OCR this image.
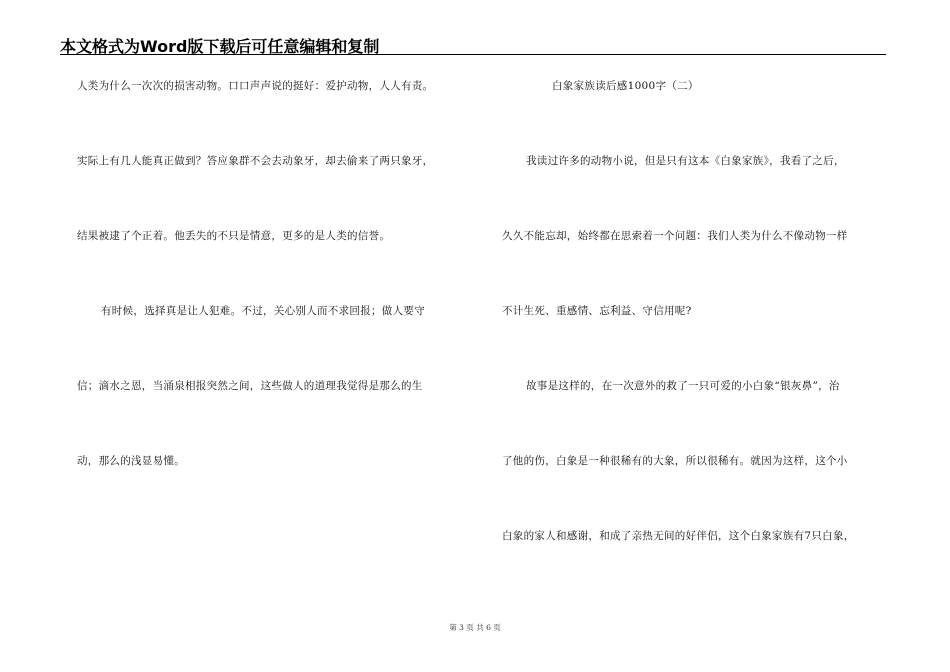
本文格式为Word版下载后可任意编辑和复制
人类为什么一次次的损害动物。口口声声说的挺好：爱护动物，人人有责。
实际上有几人能真正做到？答应象群不会去动象牙，却去偷来了两只象牙，
结果被逮了个正着。他丢失的不只是情意，更多的是人类的信誉。
有时候，选择真是让人犯难。不过，关心别人而不求回报；做人要守
信；滴水之恩，当涌泉相报突然之间，这些做人的道理我觉得是那么的生
动，那么的浅显易懂。
白象家族读后感1000字（二）
我读过许多的动物小说，但是只有这本《白象家族》，我看了之后，
久久不能忘却，始终都在思索着一个问题：我们人类为什么不像动物一样
不计生死、重感情、忘利益、守信用呢?
故事是这样的，在一次意外的救了一只可爱的小白象“银灰鼻”，治
了他的伤，白象是一种很稀有的大象，所以很稀有。就因为这样，这个小
白象的家人和感谢，和成了亲热无间的好伴侣，这个白象家族有7只白象，
第 3 页 共 6 页
